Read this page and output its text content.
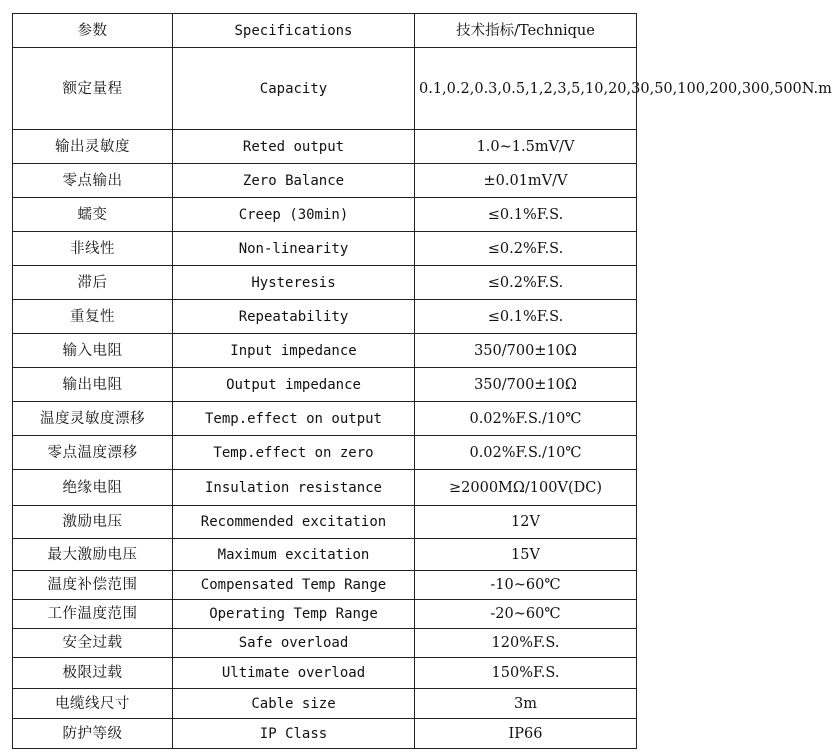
参数	Specifications	技术指标/Technique
额定量程	Capacity	0.1,0.2,0.3,0.5,1,2,3,5,10,20,30,50,100,200,300,500N.m
输出灵敏度	Reted output	1.0~1.5mV/V
零点输出	Zero Balance	±0.01mV/V
蠕变	Creep (30min)	≤0.1%F.S.
非线性	Non-linearity	≤0.2%F.S.
滞后	Hysteresis	≤0.2%F.S.
重复性	Repeatability	≤0.1%F.S.
输入电阻	Input impedance	350/700±10Ω
输出电阻	Output impedance	350/700±10Ω
温度灵敏度漂移	Temp.effect on output	0.02%F.S./10℃
零点温度漂移	Temp.effect on zero	0.02%F.S./10℃
绝缘电阻	Insulation resistance	≥2000MΩ/100V(DC)
激励电压	Recommended excitation	12V
最大激励电压	Maximum excitation	15V
温度补偿范围	Compensated Temp Range	-10~60℃
工作温度范围	Operating Temp Range	-20~60℃
安全过载	Safe overload	120%F.S.
极限过载	Ultimate overload	150%F.S.
电缆线尺寸	Cable size	3m
防护等级	IP Class	IP66
